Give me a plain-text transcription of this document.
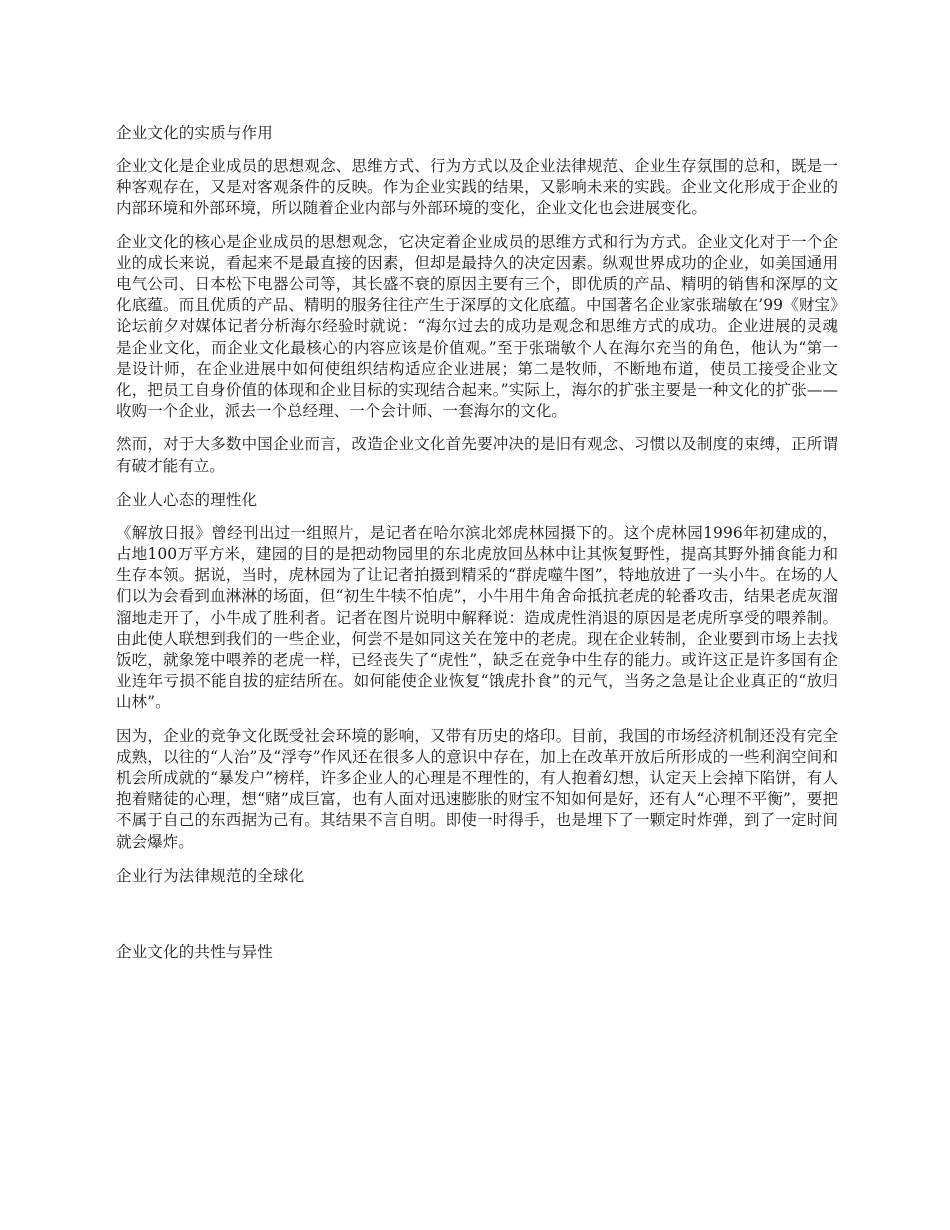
企业文化的实质与作用

企业文化是企业成员的思想观念、思维方式、行为方式以及企业法律规范、企业生存氛围的总和，既是一种客观存在，又是对客观条件的反映。作为企业实践的结果，又影响未来的实践。企业文化形成于企业的内部环境和外部环境，所以随着企业内部与外部环境的变化，企业文化也会进展变化。

企业文化的核心是企业成员的思想观念，它决定着企业成员的思维方式和行为方式。企业文化对于一个企业的成长来说，看起来不是最直接的因素，但却是最持久的决定因素。纵观世界成功的企业，如美国通用电气公司、日本松下电器公司等，其长盛不衰的原因主要有三个，即优质的产品、精明的销售和深厚的文化底蕴。而且优质的产品、精明的服务往往产生于深厚的文化底蕴。中国著名企业家张瑞敏在’99《财宝》论坛前夕对媒体记者分析海尔经验时就说：“海尔过去的成功是观念和思维方式的成功。企业进展的灵魂是企业文化，而企业文化最核心的内容应该是价值观。”至于张瑞敏个人在海尔充当的角色，他认为“第一是设计师，在企业进展中如何使组织结构适应企业进展；第二是牧师，不断地布道，使员工接受企业文化，把员工自身价值的体现和企业目标的实现结合起来。”实际上，海尔的扩张主要是一种文化的扩张——收购一个企业，派去一个总经理、一个会计师、一套海尔的文化。

然而，对于大多数中国企业而言，改造企业文化首先要冲决的是旧有观念、习惯以及制度的束缚，正所谓有破才能有立。

企业人心态的理性化

《解放日报》曾经刊出过一组照片，是记者在哈尔滨北郊虎林园摄下的。这个虎林园1996年初建成的，占地100万平方米，建园的目的是把动物园里的东北虎放回丛林中让其恢复野性，提高其野外捕食能力和生存本领。据说，当时，虎林园为了让记者拍摄到精采的“群虎噬牛图”，特地放进了一头小牛。在场的人们以为会看到血淋淋的场面，但“初生牛犊不怕虎”，小牛用牛角舍命抵抗老虎的轮番攻击，结果老虎灰溜溜地走开了，小牛成了胜利者。记者在图片说明中解释说：造成虎性消退的原因是老虎所享受的喂养制。由此使人联想到我们的一些企业，何尝不是如同这关在笼中的老虎。现在企业转制，企业要到市场上去找饭吃，就象笼中喂养的老虎一样，已经丧失了“虎性”，缺乏在竞争中生存的能力。或许这正是许多国有企业连年亏损不能自拔的症结所在。如何能使企业恢复“饿虎扑食”的元气，当务之急是让企业真正的“放归山林”。

因为，企业的竞争文化既受社会环境的影响，又带有历史的烙印。目前，我国的市场经济机制还没有完全成熟，以往的“人治”及“浮夸”作风还在很多人的意识中存在，加上在改革开放后所形成的一些利润空间和机会所成就的“暴发户”榜样，许多企业人的心理是不理性的，有人抱着幻想，认定天上会掉下陷饼，有人抱着赌徒的心理，想“赌”成巨富，也有人面对迅速膨胀的财宝不知如何是好，还有人“心理不平衡”，要把不属于自己的东西据为己有。其结果不言自明。即使一时得手，也是埋下了一颗定时炸弹，到了一定时间就会爆炸。

企业行为法律规范的全球化
企业文化的共性与异性
